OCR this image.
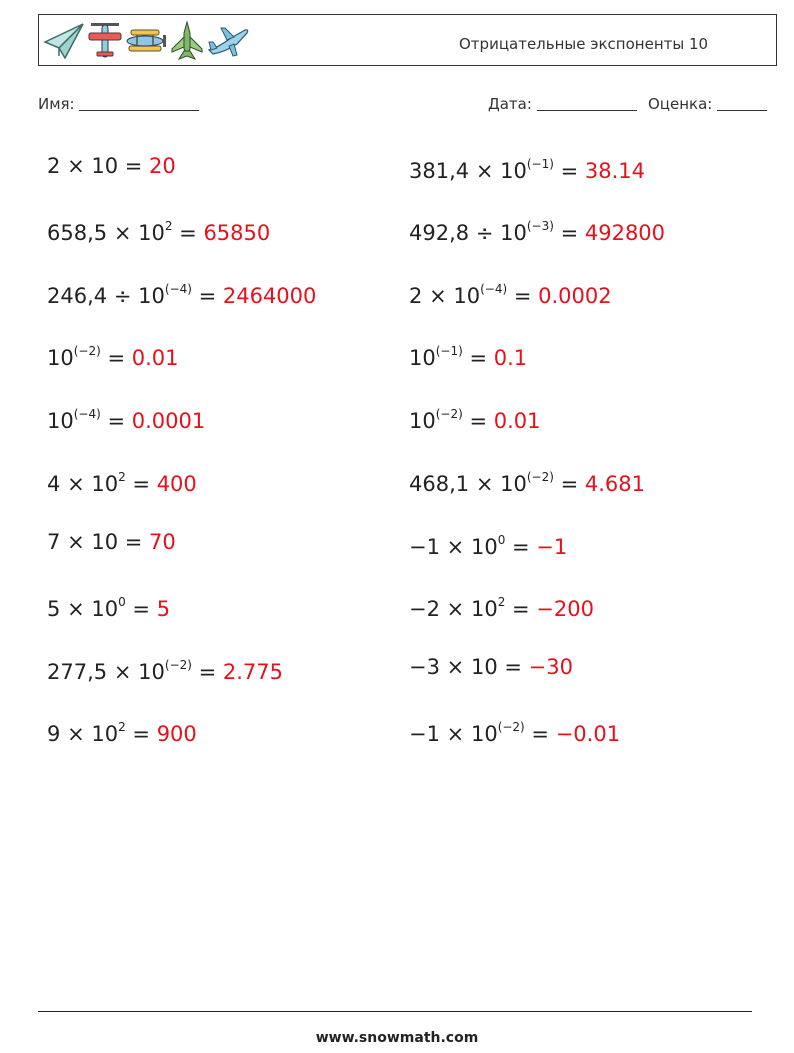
Отрицательные экспоненты 10
Имя:	Дата:	Оценка:
2 × 10 = 20
$658,5 \times 10^2 = 65850$
$246,4 \div 10^{(-4)} = 2464000$
$10^{(-2)} = 0.01$
$10^{(-4)} = 0.0001$
$4 \times 10^2 = 400$
7 × 10 = 70
$5 \times 10^0 = 5$
$277,5 \times 10^{(-2)} = 2.775$
$9 \times 10^2 = 900$
$381,4 \times 10^{(-1)} = 38.14$
$492,8 \div 10^{(-3)} = 492800$
$2 \times 10^{(-4)} = 0.0002$
$10^{(-1)} = 0.1$
$10^{(-2)} = 0.01$
$468,1 \times 10^{(-2)} = 4.681$
$-1 \times 10^0 = -1$
$-2 \times 10^2 = -200$
−3 × 10 = −30
$-1 \times 10^{(-2)} = -0.01$
www.snowmath.com
